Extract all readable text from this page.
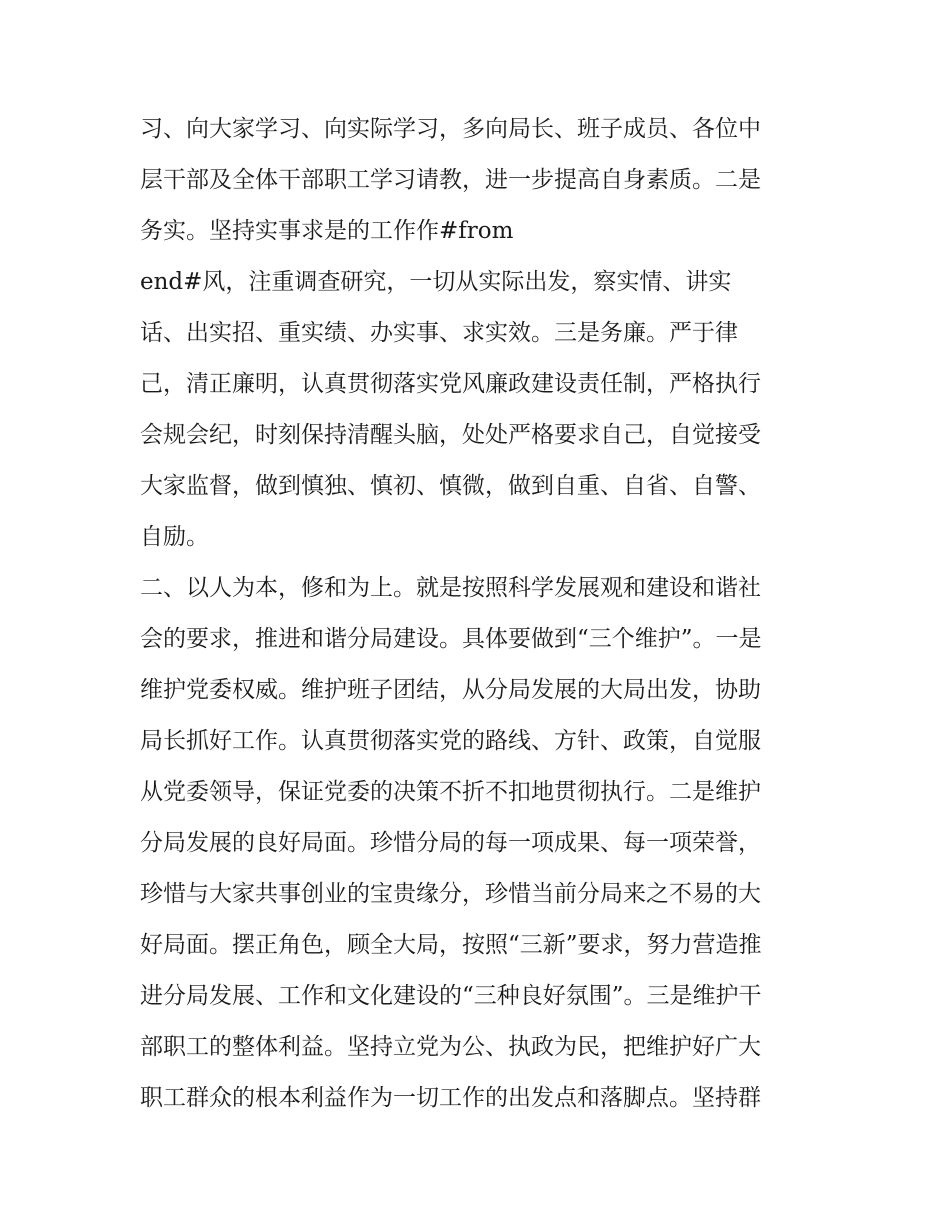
习、向大家学习、向实际学习，多向局长、班子成员、各位中
层干部及全体干部职工学习请教，进一步提高自身素质。二是
务实。坚持实事求是的工作作#from
end#风，注重调查研究，一切从实际出发，察实情、讲实
话、出实招、重实绩、办实事、求实效。三是务廉。严于律
己，清正廉明，认真贯彻落实党风廉政建设责任制，严格执行
会规会纪，时刻保持清醒头脑，处处严格要求自己，自觉接受
大家监督，做到慎独、慎初、慎微，做到自重、自省、自警、
自励。
二、以人为本，修和为上。就是按照科学发展观和建设和谐社
会的要求，推进和谐分局建设。具体要做到“三个维护”。一是
维护党委权威。维护班子团结，从分局发展的大局出发，协助
局长抓好工作。认真贯彻落实党的路线、方针、政策，自觉服
从党委领导，保证党委的决策不折不扣地贯彻执行。二是维护
分局发展的良好局面。珍惜分局的每一项成果、每一项荣誉，
珍惜与大家共事创业的宝贵缘分，珍惜当前分局来之不易的大
好局面。摆正角色，顾全大局，按照“三新”要求，努力营造推
进分局发展、工作和文化建设的“三种良好氛围”。三是维护干
部职工的整体利益。坚持立党为公、执政为民，把维护好广大
职工群众的根本利益作为一切工作的出发点和落脚点。坚持群
